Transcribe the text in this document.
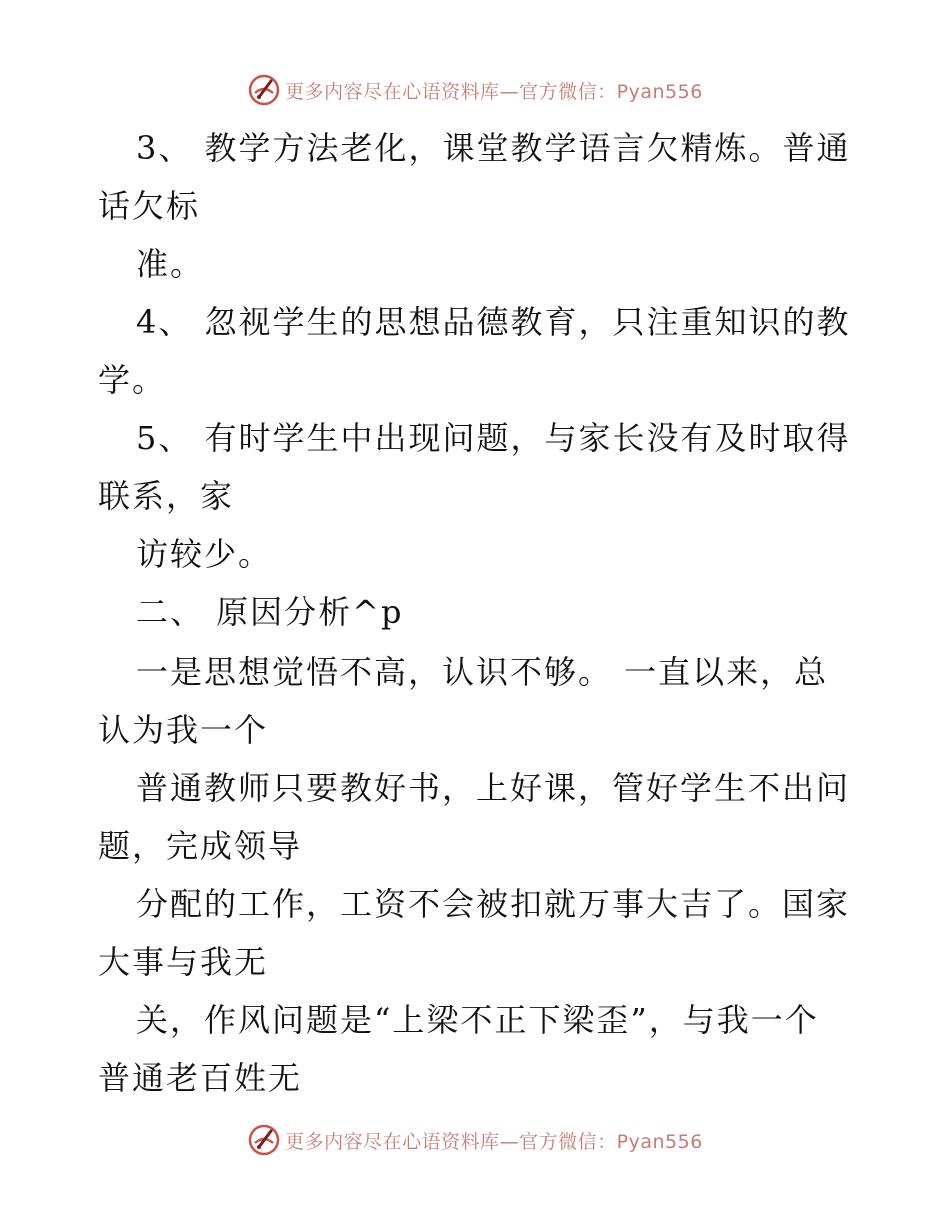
更多内容尽在心语资料库—官方微信：Pyan556
3、 教学方法老化，课堂教学语言欠精炼。普通
话欠标
准。
4、 忽视学生的思想品德教育，只注重知识的教
学。
5、 有时学生中出现问题，与家长没有及时取得
联系，家
访较少。
二、 原因分析^p
一是思想觉悟不高，认识不够。 一直以来，总
认为我一个
普通教师只要教好书，上好课，管好学生不出问
题，完成领导
分配的工作，工资不会被扣就万事大吉了。国家
大事与我无
关，作风问题是“上梁不正下梁歪”，与我一个
普通老百姓无
更多内容尽在心语资料库—官方微信：Pyan556
